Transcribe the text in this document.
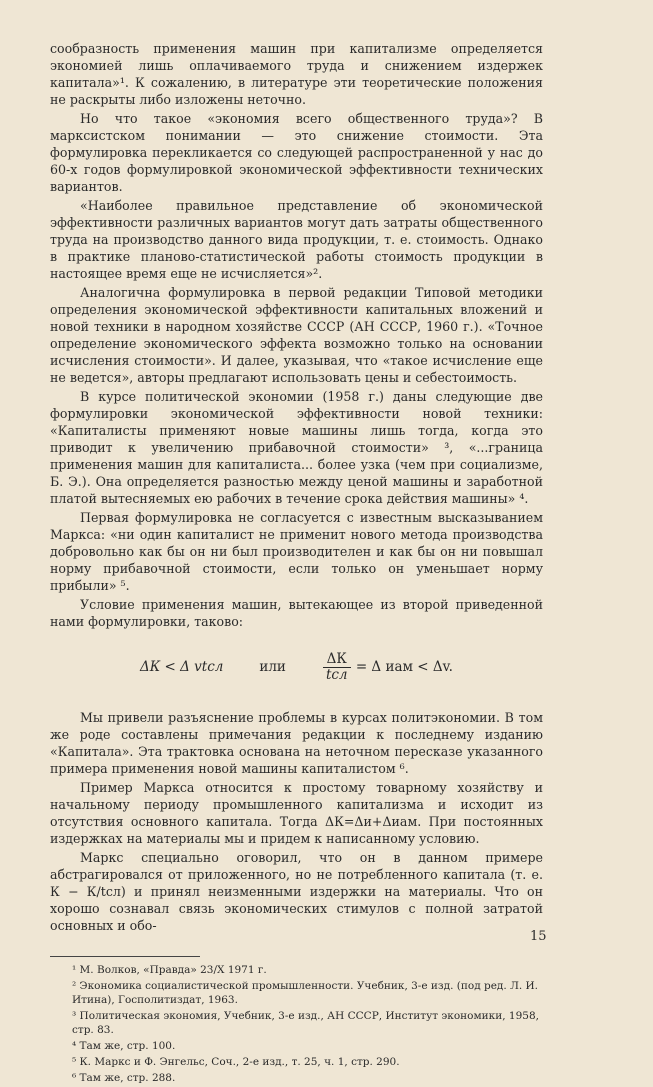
сообразность применения машин при капитализме определяется экономией лишь оплачиваемого труда и снижением издержек капитала»¹. К сожалению, в литературе эти теоретические положения не раскрыты либо изложены неточно.

Но что такое «экономия всего общественного труда»? В марксистском понимании — это снижение стоимости. Эта формулировка перекликается со следующей распространенной у нас до 60-х годов формулировкой экономической эффективности технических вариантов.

«Наиболее правильное представление об экономической эффективности различных вариантов могут дать затраты общественного труда на производство данного вида продукции, т. е. стоимость. Однако в практике планово-статистической работы стоимость продукции в настоящее время еще не исчисляется»².

Аналогична формулировка в первой редакции Типовой методики определения экономической эффективности капитальных вложений и новой техники в народном хозяйстве СССР (АН СССР, 1960 г.). «Точное определение экономического эффекта возможно только на основании исчисления стоимости». И далее, указывая, что «такое исчисление еще не ведется», авторы предлагают использовать цены и себестоимость.

В курсе политической экономии (1958 г.) даны следующие две формулировки экономической эффективности новой техники: «Капиталисты применяют новые машины лишь тогда, когда это приводит к увеличению прибавочной стоимости» ³, «...граница применения машин для капиталиста... более узка (чем при социализме, Б. Э.). Она определяется разностью между ценой машины и заработной платой вытесняемых ею рабочих в течение срока действия машины» ⁴.

Первая формулировка не согласуется с известным высказыванием Маркса: «ни один капиталист не применит нового метода производства добровольно как бы он ни был производителен и как бы он ни повышал норму прибавочной стоимости, если только он уменьшает норму прибыли» ⁵.

Условие применения машин, вытекающее из второй приведенной нами формулировки, таково:

ΔК < Δ vtсл	или	$\frac{\Delta К}{\text{tсл}} = \Delta$ иам < Δv.

Мы привели разъяснение проблемы в курсах политэкономии. В том же роде составлены примечания редакции к последнему изданию «Капитала». Эта трактовка основана на неточном пересказе указанного примера применения новой машины капиталистом ⁶.

Пример Маркса относится к простому товарному хозяйству и начальному периоду промышленного капитализма и исходит из отсутствия основного капитала. Тогда ΔК=Δи+Δиам. При постоянных издержках на материалы мы и придем к написанному условию.

Маркс специально оговорил, что он в данном примере абстрагировался от приложенного, но не потребленного капитала (т. е. К − К/tсл) и принял неизменными издержки на материалы. Что он хорошо сознавал связь экономических стимулов с полной затратой основных и обо-

¹ М. Волков, «Правда» 23/X 1971 г.

² Экономика социалистической промышленности. Учебник, 3-е изд. (под ред. Л. И. Итина), Госполитиздат, 1963.

³ Политическая экономия, Учебник, 3-е изд., АН СССР, Институт экономики, 1958, стр. 83.

⁴ Там же, стр. 100.

⁵ К. Маркс и Ф. Энгельс, Соч., 2-е изд., т. 25, ч. 1, стр. 290.

⁶ Там же, стр. 288.

15
